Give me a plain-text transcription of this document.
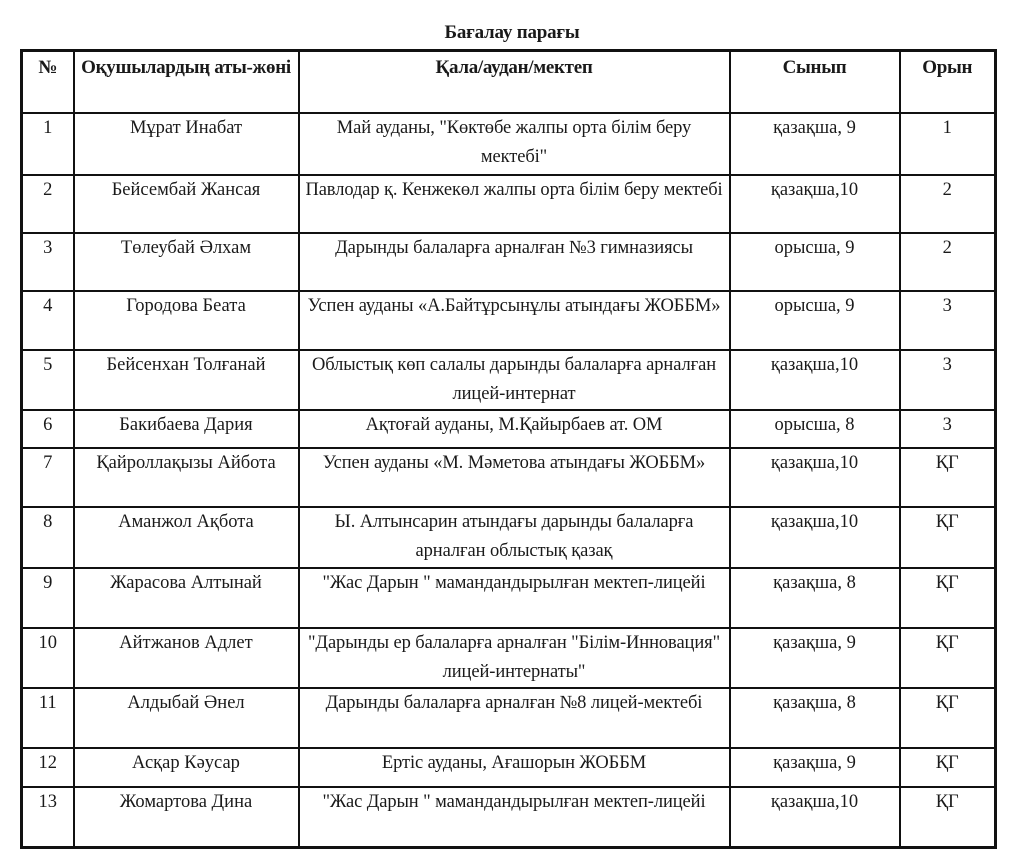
Бағалау парағы
№	Оқушылардың аты-жөні	Қала/аудан/мектеп	Сынып	Орын
1	Мұрат Инабат	Май ауданы, "Көктөбе жалпы орта білім беру мектебі"	қазақша, 9	1
2	Бейсембай Жансая	Павлодар қ. Кенжекөл жалпы орта білім беру мектебі	қазақша,10	2
3	Төлеубай Әлхам	Дарынды балаларға арналған №3 гимназиясы	орысша, 9	2
4	Городова Беата	Успен ауданы «А.Байтұрсынұлы атындағы ЖОББМ»	орысша, 9	3
5	Бейсенхан Толғанай	Облыстық көп салалы дарынды балаларға арналған лицей-интернат	қазақша,10	3
6	Бакибаева Дария	Ақтоғай ауданы, М.Қайырбаев ат. ОМ	орысша, 8	3
7	Қайроллақызы Айбота	Успен ауданы «М. Мәметова атындағы ЖОББМ»	қазақша,10	ҚГ
8	Аманжол Ақбота	Ы. Алтынсарин атындағы дарынды балаларға арналған облыстық қазақ	қазақша,10	ҚГ
9	Жарасова Алтынай	"Жас Дарын " мамандандырылған мектеп-лицейі	қазақша, 8	ҚГ
10	Айтжанов Адлет	"Дарынды ер балаларға арналған "Білім-Инновация" лицей-интернаты"	қазақша, 9	ҚГ
11	Алдыбай Әнел	Дарынды балаларға арналған №8 лицей-мектебі	қазақша, 8	ҚГ
12	Асқар Кәусар	Ертіс ауданы, Ағашорын ЖОББМ	қазақша, 9	ҚГ
13	Жомартова Дина	"Жас Дарын " мамандандырылған мектеп-лицейі	қазақша,10	ҚГ
